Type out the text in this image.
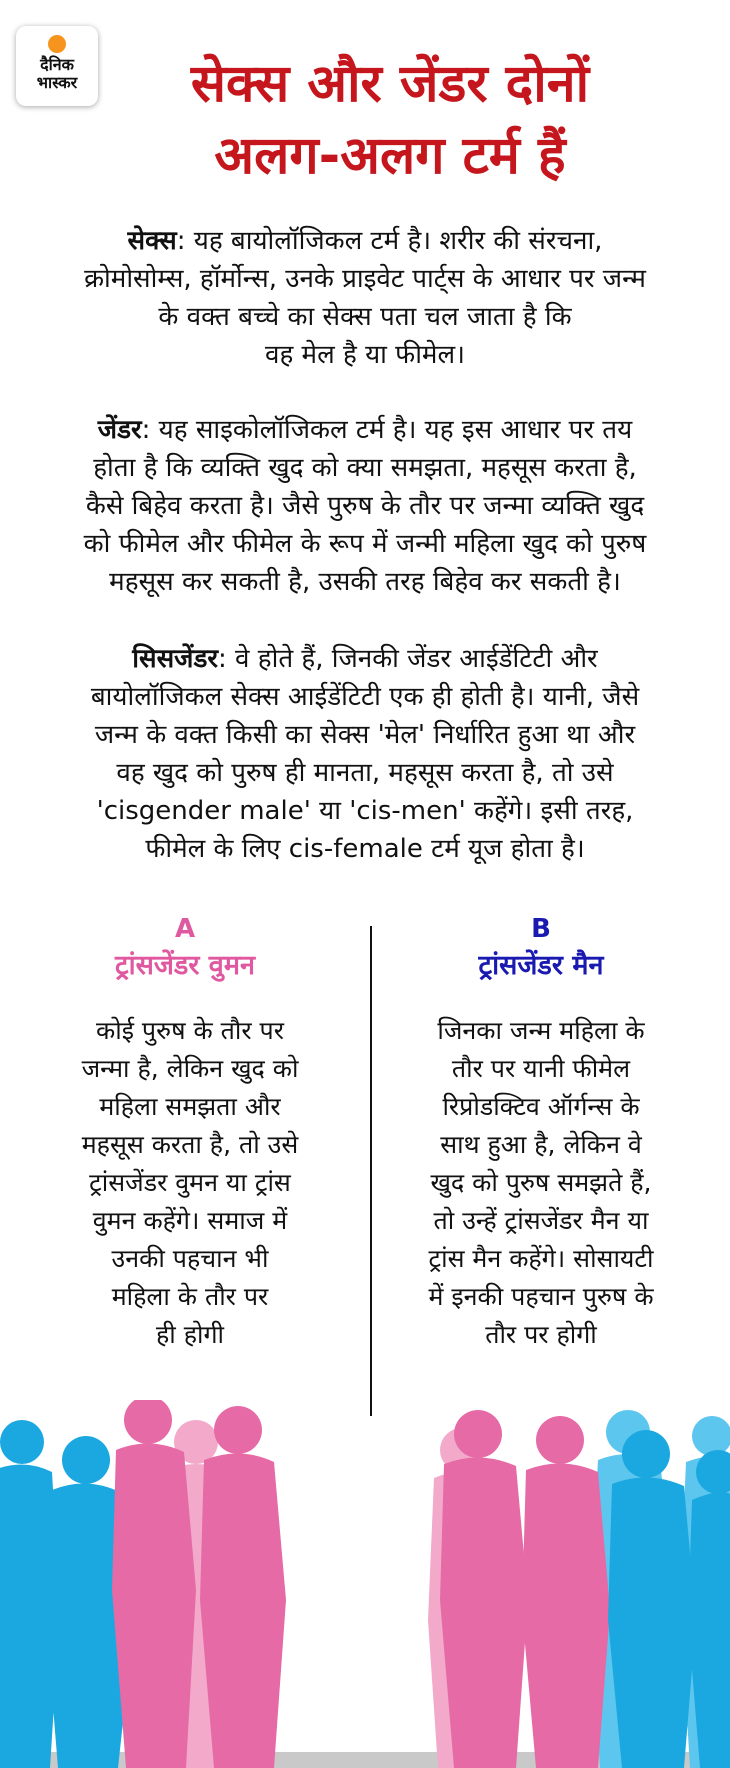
दैनिक
भास्कर	सेक्स और जेंडर दोनों
अलग-अलग टर्म हैं
सेक्स: यह बायोलॉजिकल टर्म है। शरीर की संरचना,
क्रोमोसोम्स, हॉर्मोन्स, उनके प्राइवेट पार्ट्स के आधार पर जन्म
के वक्त बच्चे का सेक्स पता चल जाता है कि
वह मेल है या फीमेल।
जेंडर: यह साइकोलॉजिकल टर्म है। यह इस आधार पर तय
होता है कि व्यक्ति खुद को क्या समझता, महसूस करता है,
कैसे बिहेव करता है। जैसे पुरुष के तौर पर जन्मा व्यक्ति खुद
को फीमेल और फीमेल के रूप में जन्मी महिला खुद को पुरुष
महसूस कर सकती है, उसकी तरह बिहेव कर सकती है।
सिसजेंडर: वे होते हैं, जिनकी जेंडर आईडेंटिटी और
बायोलॉजिकल सेक्स आईडेंटिटी एक ही होती है। यानी, जैसे
जन्म के वक्त किसी का सेक्स 'मेल' निर्धारित हुआ था और
वह खुद को पुरुष ही मानता, महसूस करता है, तो उसे
'cisgender male' या 'cis-men' कहेंगे। इसी तरह,
फीमेल के लिए cis-female टर्म यूज होता है।
A
ट्रांसजेंडर वुमन
कोई पुरुष के तौर पर
जन्मा है, लेकिन खुद को
महिला समझता और
महसूस करता है, तो उसे
ट्रांसजेंडर वुमन या ट्रांस
वुमन कहेंगे। समाज में
उनकी पहचान भी
महिला के तौर पर
ही होगी
B
ट्रांसजेंडर मैन
जिनका जन्म महिला के
तौर पर यानी फीमेल
रिप्रोडक्टिव ऑर्गन्स के
साथ हुआ है, लेकिन वे
खुद को पुरुष समझते हैं,
तो उन्हें ट्रांसजेंडर मैन या
ट्रांस मैन कहेंगे। सोसायटी
में इनकी पहचान पुरुष के
तौर पर होगी
